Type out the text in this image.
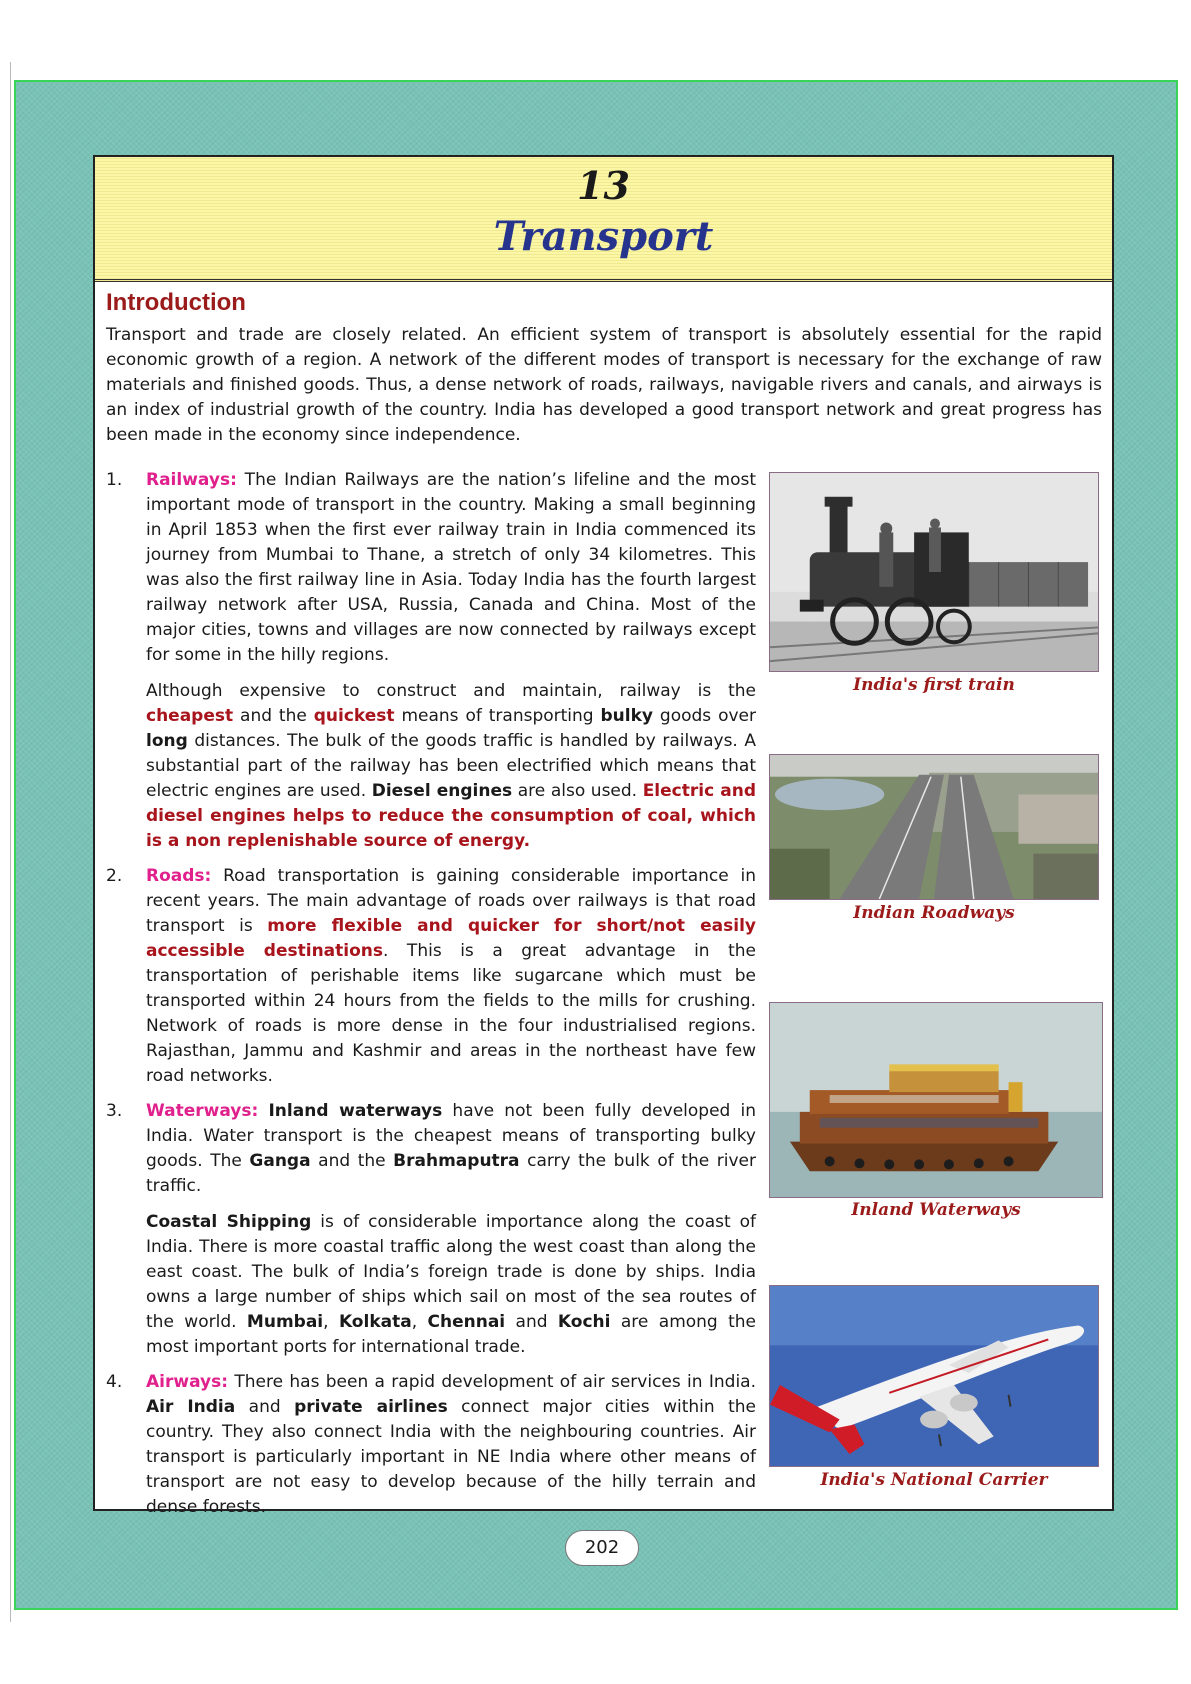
13
Transport
Introduction
Transport and trade are closely related. An efficient system of transport is absolutely essential for the rapid economic growth of a region. A network of the different modes of transport is necessary for the exchange of raw materials and finished goods. Thus, a dense network of roads, railways, navigable rivers and canals, and airways is an index of industrial growth of the country. India has developed a good transport network and great progress has been made in the economy since independence.
1. Railways: The Indian Railways are the nation’s lifeline and the most important mode of transport in the country. Making a small beginning in April 1853 when the first ever railway train in India commenced its journey from Mumbai to Thane, a stretch of only 34 kilometres. This was also the first railway line in Asia. Today India has the fourth largest railway network after USA, Russia, Canada and China. Most of the major cities, towns and villages are now connected by railways except for some in the hilly regions.

Although expensive to construct and maintain, railway is the cheapest and the quickest means of transporting bulky goods over long distances. The bulk of the goods traffic is handled by railways. A substantial part of the railway has been electrified which means that electric engines are used. Diesel engines are also used. Electric and diesel engines helps to reduce the consumption of coal, which is a non replenishable source of energy.

2. Roads: Road transportation is gaining considerable importance in recent years. The main advantage of roads over railways is that road transport is more flexible and quicker for short/not easily accessible destinations. This is a great advantage in the transportation of perishable items like sugarcane which must be transported within 24 hours from the fields to the mills for crushing. Network of roads is more dense in the four industrialised regions. Rajasthan, Jammu and Kashmir and areas in the northeast have few road networks.

3. Waterways: Inland waterways have not been fully developed in India. Water transport is the cheapest means of transporting bulky goods. The Ganga and the Brahmaputra carry the bulk of the river traffic.

Coastal Shipping is of considerable importance along the coast of India. There is more coastal traffic along the west coast than along the east coast. The bulk of India’s foreign trade is done by ships. India owns a large number of ships which sail on most of the sea routes of the world. Mumbai, Kolkata, Chennai and Kochi are among the most important ports for international trade.

4. Airways: There has been a rapid development of air services in India. Air India and private airlines connect major cities within the country. They also connect India with the neighbouring countries. Air transport is particularly important in NE India where other means of transport are not easy to develop because of the hilly terrain and dense forests.

98
India's first train
Indian Roadways
Inland Waterways
India's National Carrier
202
